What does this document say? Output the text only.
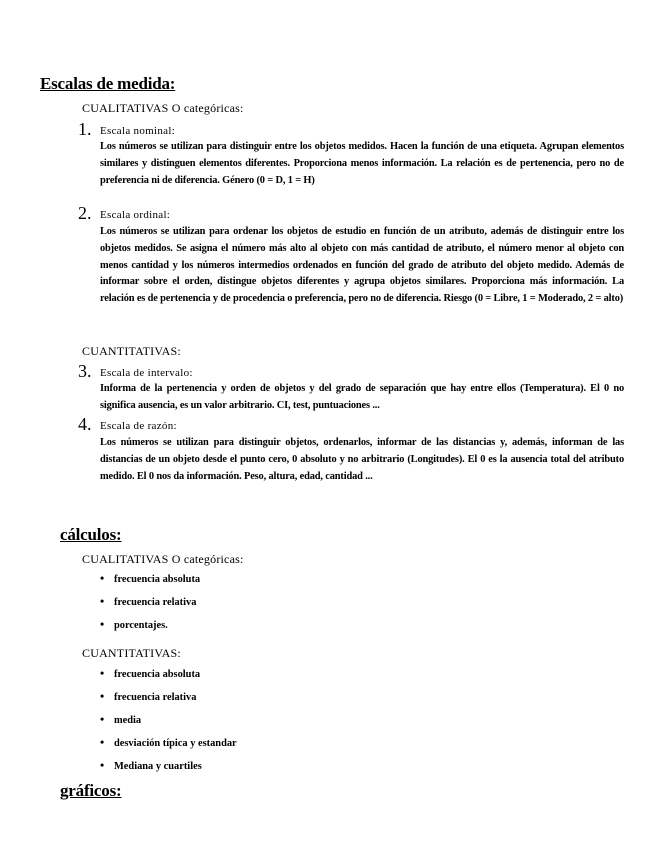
Escalas de medida:
CUALITATIVAS O categóricas:
1. Escala nominal:
Los números se utilizan para distinguir entre los objetos medidos. Hacen la función de una etiqueta. Agrupan elementos similares y distinguen elementos diferentes. Proporciona menos información. La relación es de pertenencia, pero no de preferencia ni de diferencia. Género (0 = D, 1 = H)
2. Escala ordinal:
Los números se utilizan para ordenar los objetos de estudio en función de un atributo, además de distinguir entre los objetos medidos. Se asigna el número más alto al objeto con más cantidad de atributo, el número menor al objeto con menos cantidad y los números intermedios ordenados en función del grado de atributo del objeto medido. Además de informar sobre el orden, distingue objetos diferentes y agrupa objetos similares. Proporciona más información. La relación es de pertenencia y de procedencia o preferencia, pero no de diferencia. Riesgo (0 = Libre, 1 = Moderado, 2 = alto)
CUANTITATIVAS:
3. Escala de intervalo:
Informa de la pertenencia y orden de objetos y del grado de separación que hay entre ellos (Temperatura). El 0 no significa ausencia, es un valor arbitrario. CI, test, puntuaciones ...
4. Escala de razón:
Los números se utilizan para distinguir objetos, ordenarlos, informar de las distancias y, además, informan de las distancias de un objeto desde el punto cero, 0 absoluto y no arbitrario (Longitudes). El 0 es la ausencia total del atributo medido. El 0 nos da información. Peso, altura, edad, cantidad ...
cálculos:
CUALITATIVAS O categóricas:
• frecuencia absoluta
• frecuencia relativa
• porcentajes.
CUANTITATIVAS:
• frecuencia absoluta
• frecuencia relativa
• media
• desviación típica y estandar
• Mediana y cuartiles
gráficos:
